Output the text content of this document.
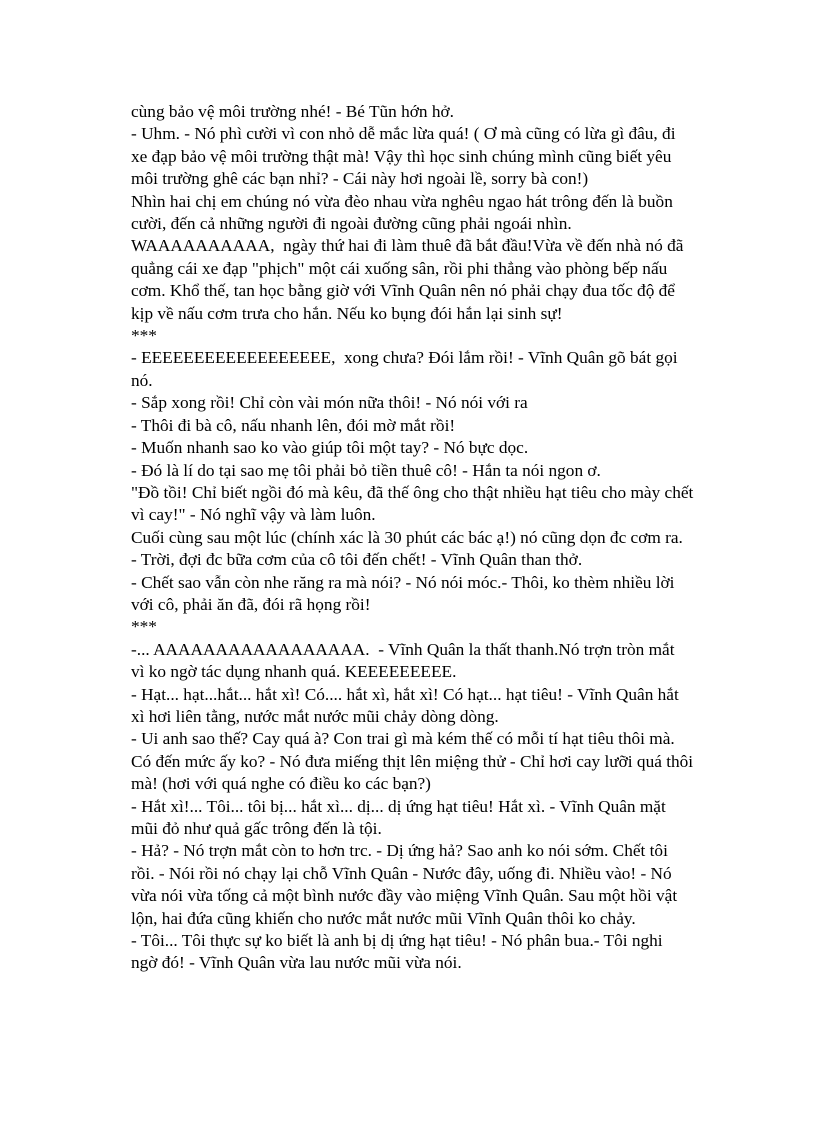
cùng bảo vệ môi trường nhé! - Bé Tũn hớn hở.
- Uhm. - Nó phì cười vì con nhỏ dễ mắc lừa quá! ( Ơ mà cũng có lừa gì đâu, đi
xe đạp bảo vệ môi trường thật mà! Vậy thì học sinh chúng mình cũng biết yêu
môi trường ghê các bạn nhỉ? - Cái này hơi ngoài lề, sorry bà con!)
Nhìn hai chị em chúng nó vừa đèo nhau vừa nghêu ngao hát trông đến là buồn
cười, đến cả những người đi ngoài đường cũng phải ngoái nhìn.
WAAAAAAAAAA,  ngày thứ hai đi làm thuê đã bắt đầu!Vừa về đến nhà nó đã
quẳng cái xe đạp "phịch" một cái xuống sân, rồi phi thẳng vào phòng bếp nấu
cơm. Khổ thế, tan học bằng giờ với Vĩnh Quân nên nó phải chạy đua tốc độ để
kịp về nấu cơm trưa cho hắn. Nếu ko bụng đói hắn lại sinh sự!
***
- EEEEEEEEEEEEEEEEEE,  xong chưa? Đói lắm rồi! - Vĩnh Quân gõ bát gọi
nó.
- Sắp xong rồi! Chỉ còn vài món nữa thôi! - Nó nói với ra
- Thôi đi bà cô, nấu nhanh lên, đói mờ mắt rồi!
- Muốn nhanh sao ko vào giúp tôi một tay? - Nó bực dọc.
- Đó là lí do tại sao mẹ tôi phải bỏ tiền thuê cô! - Hắn ta nói ngon ơ.
"Đồ tồi! Chỉ biết ngồi đó mà kêu, đã thế ông cho thật nhiều hạt tiêu cho mày chết
vì cay!" - Nó nghĩ vậy và làm luôn.
Cuối cùng sau một lúc (chính xác là 30 phút các bác ạ!) nó cũng dọn đc cơm ra.
- Trời, đợi đc bữa cơm của cô tôi đến chết! - Vĩnh Quân than thở.
- Chết sao vẫn còn nhe răng ra mà nói? - Nó nói móc.- Thôi, ko thèm nhiều lời
với cô, phải ăn đã, đói rã họng rồi!
***
-... AAAAAAAAAAAAAAAAA.  - Vĩnh Quân la thất thanh.Nó trợn tròn mắt
vì ko ngờ tác dụng nhanh quá. KEEEEEEEEE.
- Hạt... hạt...hắt... hắt xì! Có.... hắt xì, hắt xì! Có hạt... hạt tiêu! - Vĩnh Quân hắt
xì hơi liên tằng, nước mắt nước mũi chảy dòng dòng.
- Ui anh sao thế? Cay quá à? Con trai gì mà kém thế có mỗi tí hạt tiêu thôi mà.
Có đến mức ấy ko? - Nó đưa miếng thịt lên miệng thử - Chỉ hơi cay lưỡi quá thôi
mà! (hơi với quá nghe có điều ko các bạn?)
- Hắt xì!... Tôi... tôi bị... hắt xì... dị... dị ứng hạt tiêu! Hắt xì. - Vĩnh Quân mặt
mũi đỏ như quả gấc trông đến là tội.
- Hả? - Nó trợn mắt còn to hơn trc. - Dị ứng hả? Sao anh ko nói sớm. Chết tôi
rồi. - Nói rồi nó chạy lại chỗ Vĩnh Quân - Nước đây, uống đi. Nhiều vào! - Nó
vừa nói vừa tống cả một bình nước đầy vào miệng Vĩnh Quân. Sau một hồi vật
lộn, hai đứa cũng khiến cho nước mắt nước mũi Vĩnh Quân thôi ko chảy.
- Tôi... Tôi thực sự ko biết là anh bị dị ứng hạt tiêu! - Nó phân bua.- Tôi nghi
ngờ đó! - Vĩnh Quân vừa lau nước mũi vừa nói.
